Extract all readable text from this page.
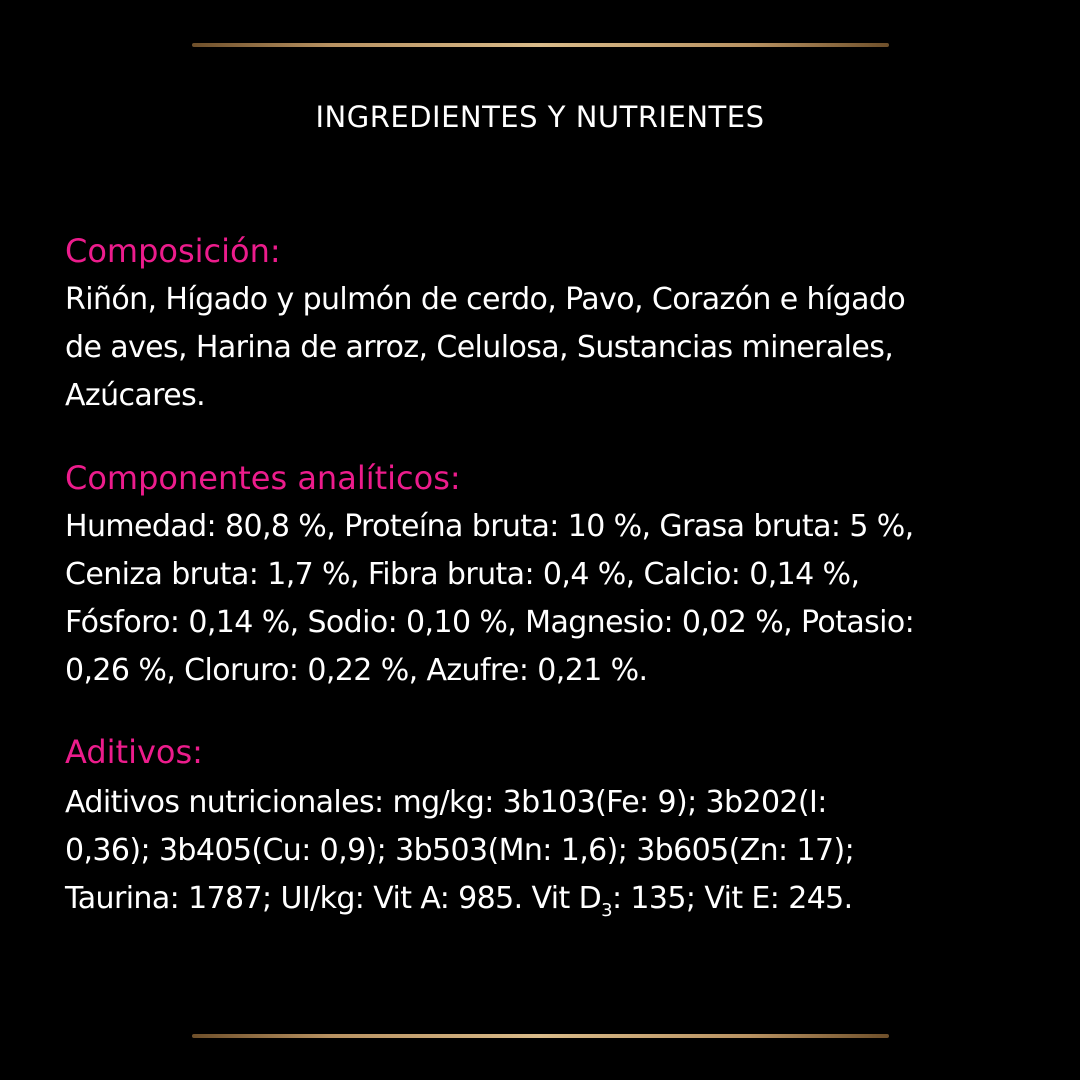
INGREDIENTES Y NUTRIENTES
Composición:
Riñón, Hígado y pulmón de cerdo, Pavo, Corazón e hígado
de aves, Harina de arroz, Celulosa, Sustancias minerales,
Azúcares.
Componentes analíticos:
Humedad: 80,8 %, Proteína bruta: 10 %, Grasa bruta: 5 %,
Ceniza bruta: 1,7 %, Fibra bruta: 0,4 %, Calcio: 0,14 %,
Fósforo: 0,14 %, Sodio: 0,10 %, Magnesio: 0,02 %, Potasio:
0,26 %, Cloruro: 0,22 %, Azufre: 0,21 %.
Aditivos:
Aditivos nutricionales: mg/kg: 3b103(Fe: 9); 3b202(I:
0,36); 3b405(Cu: 0,9); 3b503(Mn: 1,6); 3b605(Zn: 17);
Taurina: 1787; UI/kg: Vit A: 985. Vit $D_3$: 135; Vit E: 245.
